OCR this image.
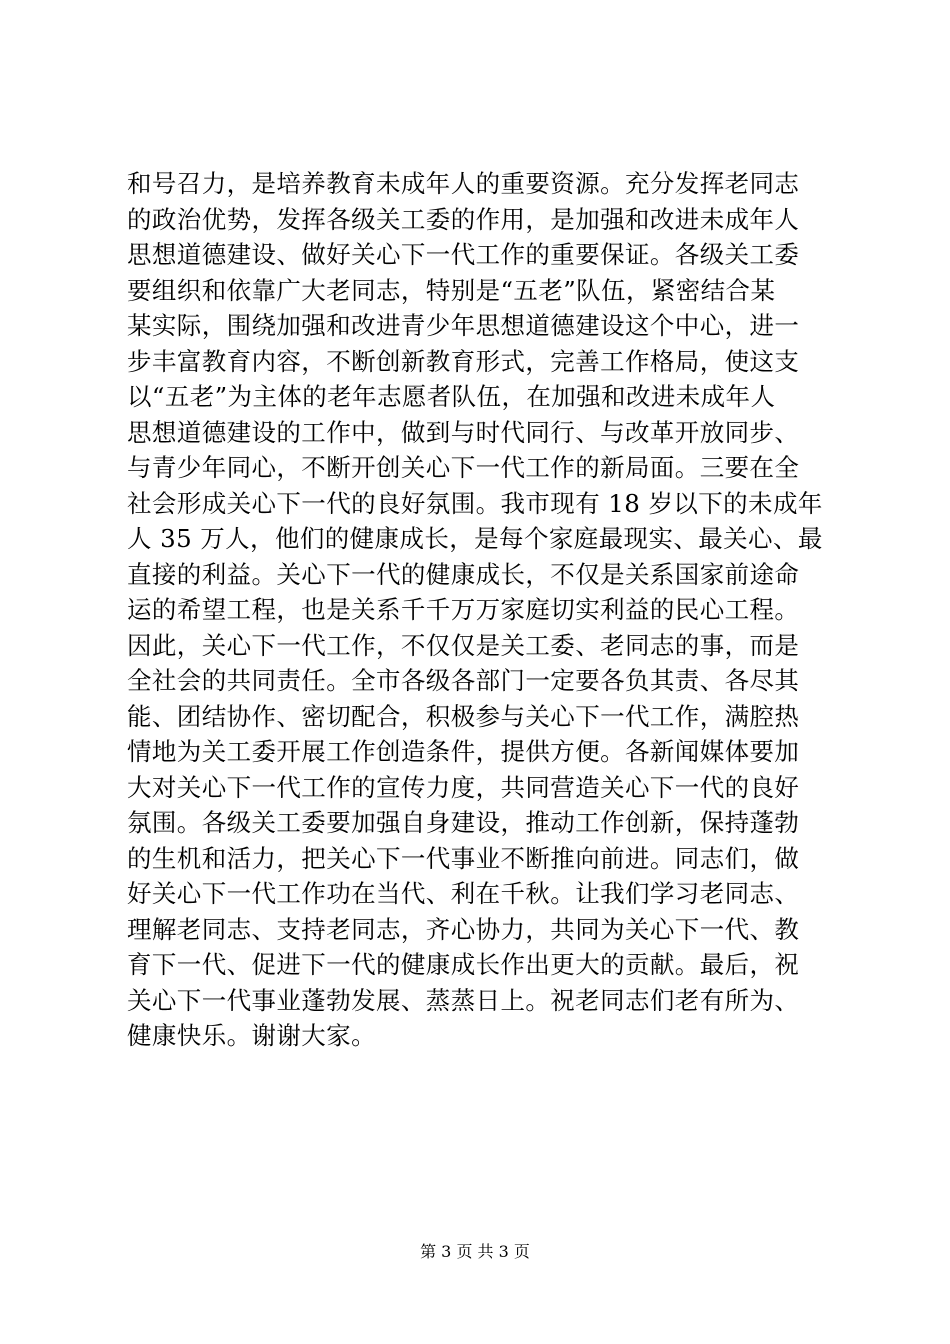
和号召力，是培养教育未成年人的重要资源。充分发挥老同志
的政治优势，发挥各级关工委的作用，是加强和改进未成年人
思想道德建设、做好关心下一代工作的重要保证。各级关工委
要组织和依靠广大老同志，特别是“五老”队伍，紧密结合某
某实际，围绕加强和改进青少年思想道德建设这个中心，进一
步丰富教育内容，不断创新教育形式，完善工作格局，使这支
以“五老”为主体的老年志愿者队伍，在加强和改进未成年人
思想道德建设的工作中，做到与时代同行、与改革开放同步、
与青少年同心，不断开创关心下一代工作的新局面。三要在全
社会形成关心下一代的良好氛围。我市现有 18 岁以下的未成年
人 35 万人，他们的健康成长，是每个家庭最现实、最关心、最
直接的利益。关心下一代的健康成长，不仅是关系国家前途命
运的希望工程，也是关系千千万万家庭切实利益的民心工程。
因此，关心下一代工作，不仅仅是关工委、老同志的事，而是
全社会的共同责任。全市各级各部门一定要各负其责、各尽其
能、团结协作、密切配合，积极参与关心下一代工作，满腔热
情地为关工委开展工作创造条件，提供方便。各新闻媒体要加
大对关心下一代工作的宣传力度，共同营造关心下一代的良好
氛围。各级关工委要加强自身建设，推动工作创新，保持蓬勃
的生机和活力，把关心下一代事业不断推向前进。同志们，做
好关心下一代工作功在当代、利在千秋。让我们学习老同志、
理解老同志、支持老同志，齐心协力，共同为关心下一代、教
育下一代、促进下一代的健康成长作出更大的贡献。最后，祝
关心下一代事业蓬勃发展、蒸蒸日上。祝老同志们老有所为、
健康快乐。谢谢大家。
第 3 页 共 3 页
